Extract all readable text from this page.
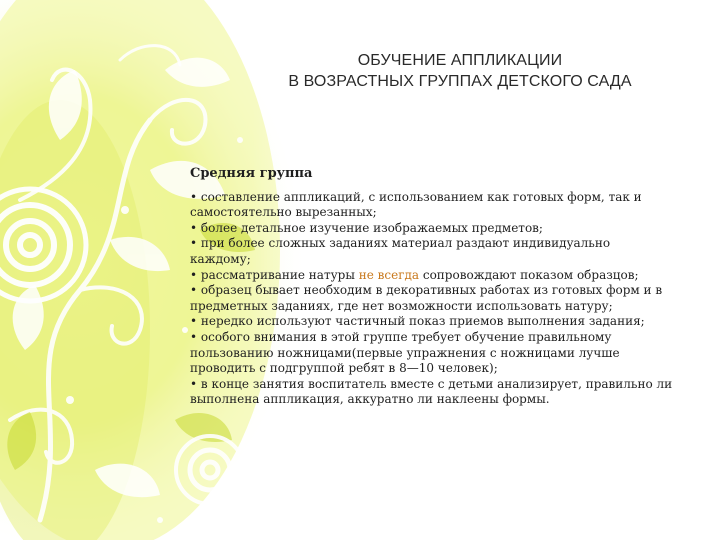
ОБУЧЕНИЕ АППЛИКАЦИИ
В ВОЗРАСТНЫХ ГРУППАХ ДЕТСКОГО САДА
Средняя группа
• составление аппликаций, с использованием как готовых форм, так и
самостоятельно вырезанных;
• более детальное изучение изображаемых предметов;
• при более сложных заданиях материал раздают индивидуально
каждому;
• рассматривание натуры не всегда сопровождают показом образцов;
• образец бывает необходим в декоративных работах из готовых форм и в
предметных заданиях, где нет возможности использовать натуру;
• нередко используют частичный показ приемов выполнения задания;
• особого внимания в этой группе требует обучение правильному
пользованию ножницами(первые упражнения с ножницами лучше
проводить с подгруппой ребят в 8—10 человек);
• в конце занятия воспитатель вместе с детьми анализирует, правильно ли
выполнена аппликация, аккуратно ли наклеены формы.
